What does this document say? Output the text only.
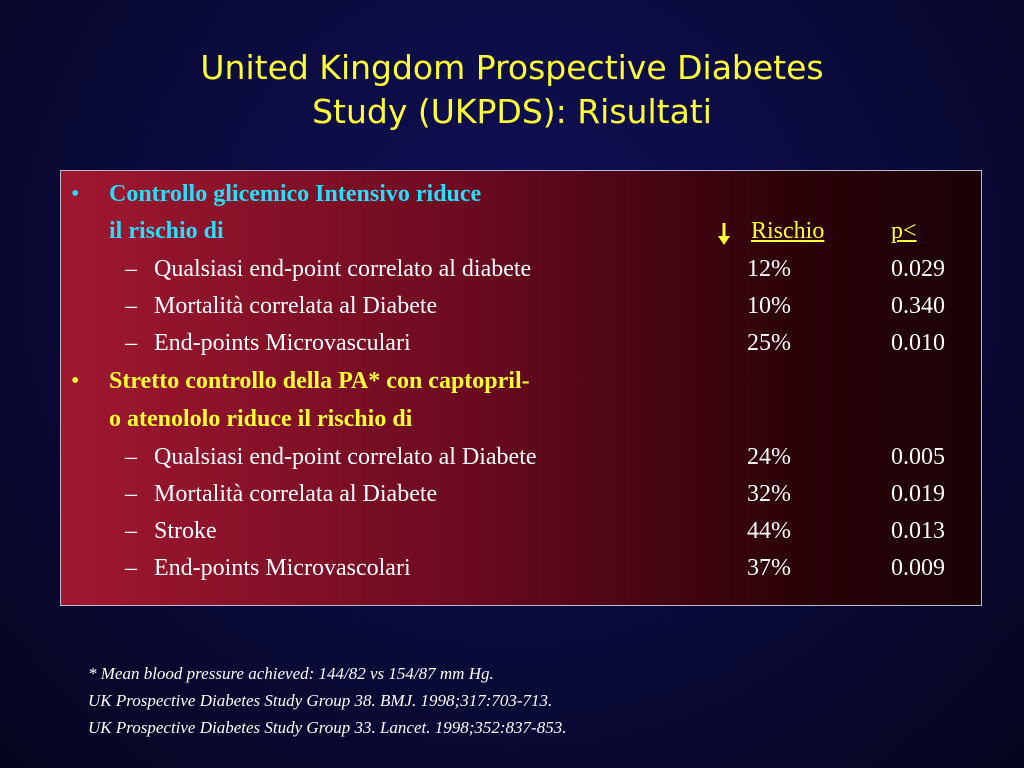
United Kingdom Prospective Diabetes
Study (UKPDS): Risultati
• Controllo glicemico Intensivo riduce
il rischio di	Rischio	p<
– Qualsiasi end-point correlato al diabete	12%	0.029
– Mortalità correlata al Diabete	10%	0.340
– End-points Microvasculari	25%	0.010
• Stretto controllo della PA* con captopril-
o atenololo riduce il rischio di
– Qualsiasi end-point correlato al Diabete	24%	0.005
– Mortalità correlata al Diabete	32%	0.019
– Stroke	44%	0.013
– End-points Microvascolari	37%	0.009
* Mean blood pressure achieved: 144/82 vs 154/87 mm Hg.
UK Prospective Diabetes Study Group 38. BMJ. 1998;317:703-713.
UK Prospective Diabetes Study Group 33. Lancet. 1998;352:837-853.
